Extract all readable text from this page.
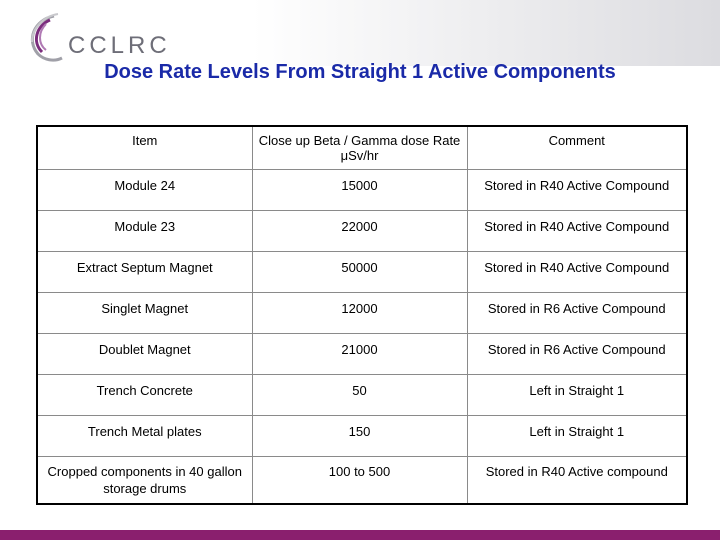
CCLRC
Dose Rate Levels From Straight 1 Active Components
Item	Close up Beta / Gamma dose Rate μSv/hr	Comment
Module 24	15000	Stored in R40 Active Compound
Module 23	22000	Stored in R40 Active Compound
Extract Septum Magnet	50000	Stored in R40 Active Compound
Singlet Magnet	12000	Stored in R6 Active Compound
Doublet Magnet	21000	Stored in R6 Active Compound
Trench Concrete	50	Left in Straight 1
Trench Metal plates	150	Left in Straight 1
Cropped components in 40 gallon storage drums	100 to 500	Stored in R40 Active compound
